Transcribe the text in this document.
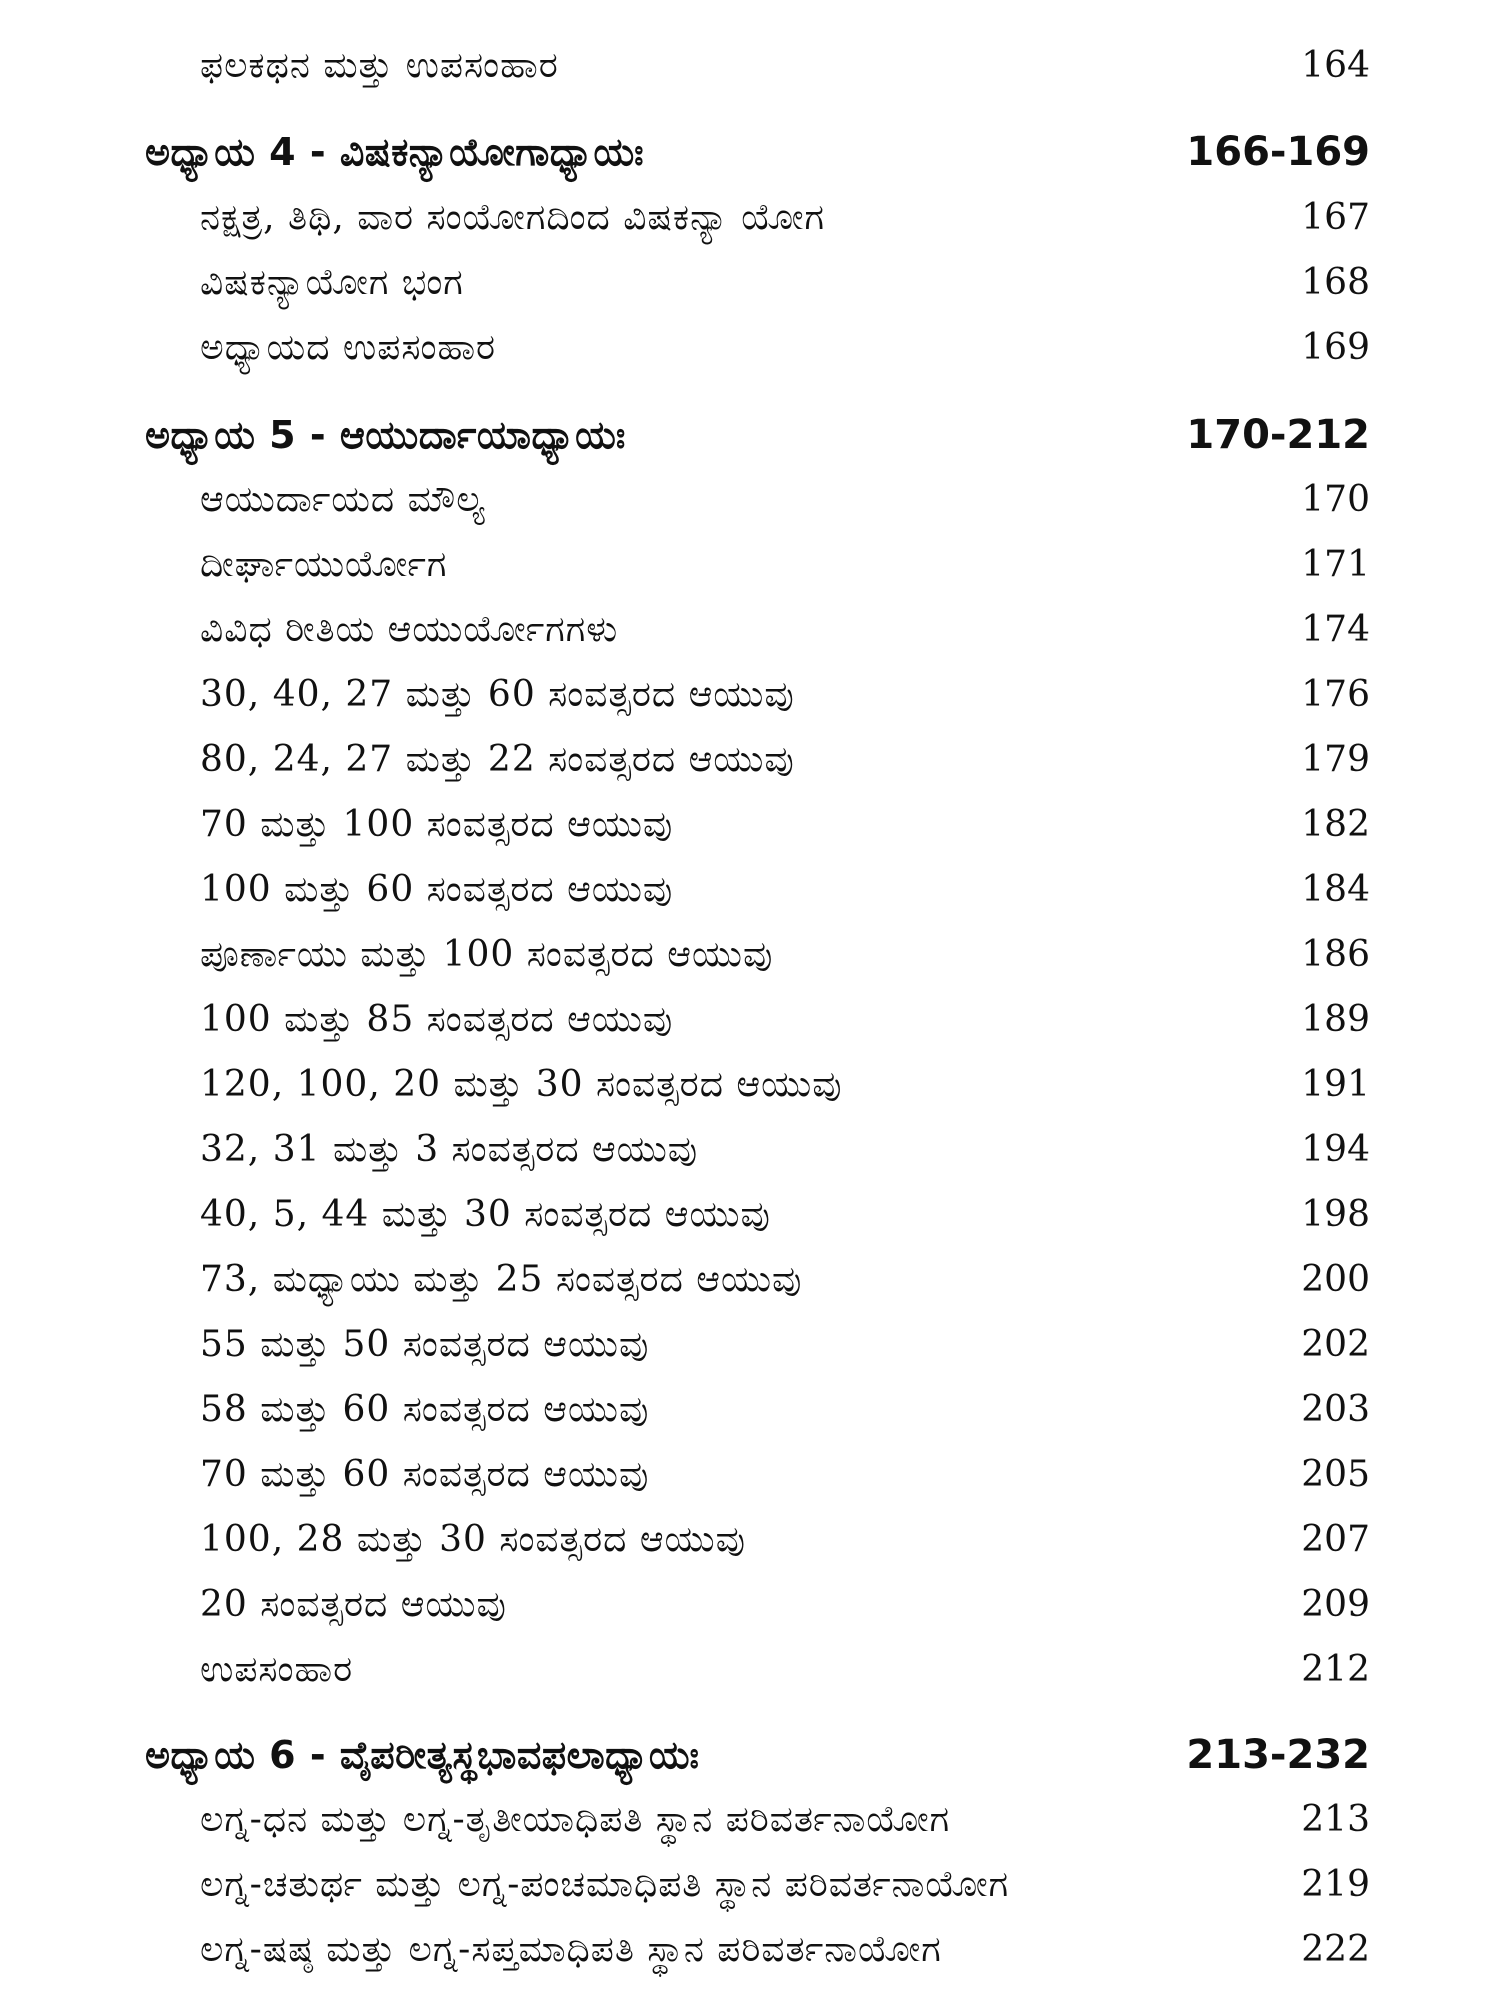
ಫಲಕಥನ ಮತ್ತು ಉಪಸಂಹಾರ	164
ಅಧ್ಯಾಯ 4 - ವಿಷಕನ್ಯಾಯೋಗಾಧ್ಯಾಯಃ	166-169
ನಕ್ಷತ್ರ, ತಿಥಿ, ವಾರ ಸಂಯೋಗದಿಂದ ವಿಷಕನ್ಯಾ ಯೋಗ	167
ವಿಷಕನ್ಯಾಯೋಗ ಭಂಗ	168
ಅಧ್ಯಾಯದ ಉಪಸಂಹಾರ	169
ಅಧ್ಯಾಯ 5 - ಆಯುರ್ದಾಯಾಧ್ಯಾಯಃ	170-212
ಆಯುರ್ದಾಯದ ಮೌಲ್ಯ	170
ದೀರ್ಘಾಯುರ್ಯೋಗ	171
ವಿವಿಧ ರೀತಿಯ ಆಯುರ್ಯೋಗಗಳು	174
30, 40, 27 ಮತ್ತು 60 ಸಂವತ್ಸರದ ಆಯುವು	176
80, 24, 27 ಮತ್ತು 22 ಸಂವತ್ಸರದ ಆಯುವು	179
70 ಮತ್ತು 100 ಸಂವತ್ಸರದ ಆಯುವು	182
100 ಮತ್ತು 60 ಸಂವತ್ಸರದ ಆಯುವು	184
ಪೂರ್ಣಾಯು ಮತ್ತು 100 ಸಂವತ್ಸರದ ಆಯುವು	186
100 ಮತ್ತು 85 ಸಂವತ್ಸರದ ಆಯುವು	189
120, 100, 20 ಮತ್ತು 30 ಸಂವತ್ಸರದ ಆಯುವು	191
32, 31 ಮತ್ತು 3 ಸಂವತ್ಸರದ ಆಯುವು	194
40, 5, 44 ಮತ್ತು 30 ಸಂವತ್ಸರದ ಆಯುವು	198
73, ಮಧ್ಯಾಯು ಮತ್ತು 25 ಸಂವತ್ಸರದ ಆಯುವು	200
55 ಮತ್ತು 50 ಸಂವತ್ಸರದ ಆಯುವು	202
58 ಮತ್ತು 60 ಸಂವತ್ಸರದ ಆಯುವು	203
70 ಮತ್ತು 60 ಸಂವತ್ಸರದ ಆಯುವು	205
100, 28 ಮತ್ತು 30 ಸಂವತ್ಸರದ ಆಯುವು	207
20 ಸಂವತ್ಸರದ ಆಯುವು	209
ಉಪಸಂಹಾರ	212
ಅಧ್ಯಾಯ 6 - ವೈಪರೀತ್ಯಸ್ಥಭಾವಫಲಾಧ್ಯಾಯಃ	213-232
ಲಗ್ನ-ಧನ ಮತ್ತು ಲಗ್ನ-ತೃತೀಯಾಧಿಪತಿ ಸ್ಥಾನ ಪರಿವರ್ತನಾಯೋಗ	213
ಲಗ್ನ-ಚತುರ್ಥ ಮತ್ತು ಲಗ್ನ-ಪಂಚಮಾಧಿಪತಿ ಸ್ಥಾನ ಪರಿವರ್ತನಾಯೋಗ	219
ಲಗ್ನ-ಷಷ್ಠ ಮತ್ತು ಲಗ್ನ-ಸಪ್ತಮಾಧಿಪತಿ ಸ್ಥಾನ ಪರಿವರ್ತನಾಯೋಗ	222
